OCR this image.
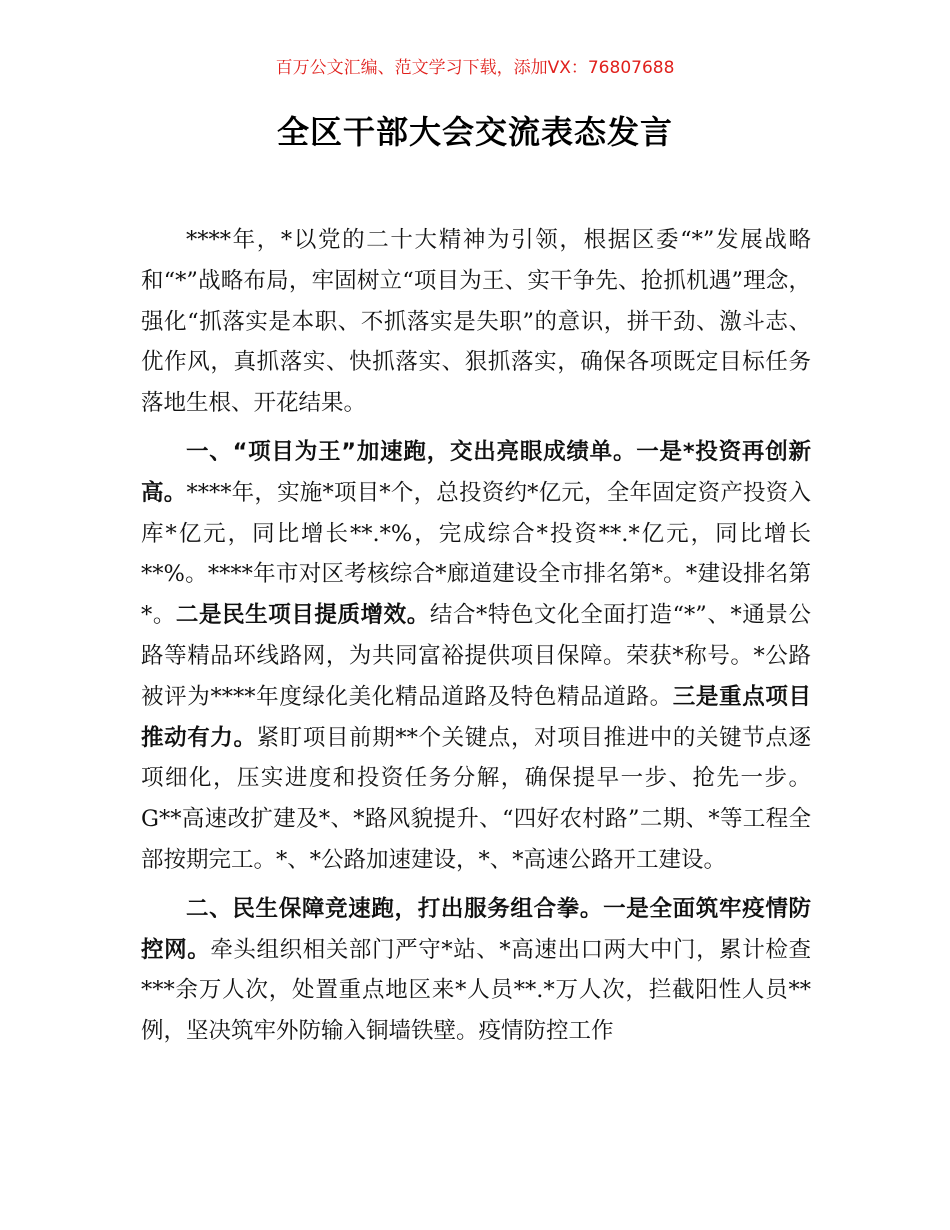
百万公文汇编、范文学习下载，添加VX：76807688
全区干部大会交流表态发言

****年，*以党的二十大精神为引领，根据区委“*”发展战略和“*”战略布局，牢固树立“项目为王、实干争先、抢抓机遇”理念，强化“抓落实是本职、不抓落实是失职”的意识，拼干劲、激斗志、优作风，真抓落实、快抓落实、狠抓落实，确保各项既定目标任务落地生根、开花结果。

一、“项目为王”加速跑，交出亮眼成绩单。一是*投资再创新高。****年，实施*项目*个，总投资约*亿元，全年固定资产投资入库*亿元，同比增长**.*%，完成综合*投资**.*亿元，同比增长**%。****年市对区考核综合*廊道建设全市排名第*。*建设排名第*。二是民生项目提质增效。结合*特色文化全面打造“*”、*通景公路等精品环线路网，为共同富裕提供项目保障。荣获*称号。*公路被评为****年度绿化美化精品道路及特色精品道路。三是重点项目推动有力。紧盯项目前期**个关键点，对项目推进中的关键节点逐项细化，压实进度和投资任务分解，确保提早一步、抢先一步。G**高速改扩建及*、*路风貌提升、“四好农村路”二期、*等工程全部按期完工。*、*公路加速建设，*、*高速公路开工建设。

二、民生保障竞速跑，打出服务组合拳。一是全面筑牢疫情防控网。牵头组织相关部门严守*站、*高速出口两大中门，累计检查***余万人次，处置重点地区来*人员**.*万人次，拦截阳性人员**例，坚决筑牢外防输入铜墙铁壁。疫情防控工作
